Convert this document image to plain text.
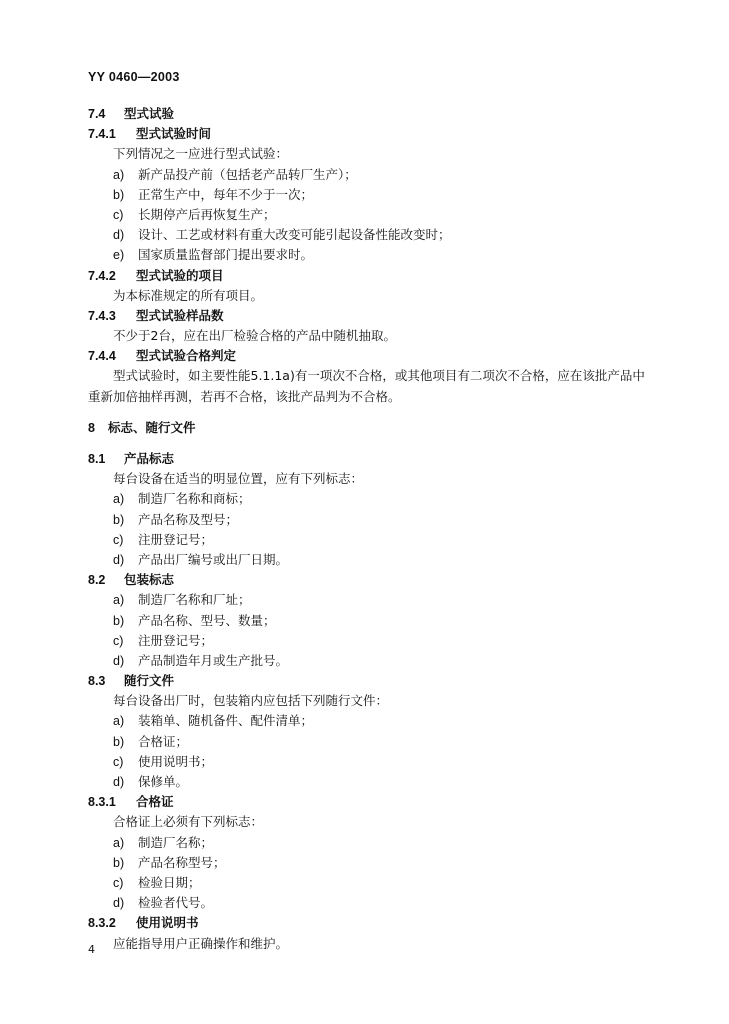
YY 0460—2003
7.4 型式试验
7.4.1 型式试验时间
下列情况之一应进行型式试验：
a) 新产品投产前（包括老产品转厂生产）；
b) 正常生产中，每年不少于一次；
c) 长期停产后再恢复生产；
d) 设计、工艺或材料有重大改变可能引起设备性能改变时；
e) 国家质量监督部门提出要求时。
7.4.2 型式试验的项目
为本标准规定的所有项目。
7.4.3 型式试验样品数
不少于2台，应在出厂检验合格的产品中随机抽取。
7.4.4 型式试验合格判定
型式试验时，如主要性能5.1.1a)有一项次不合格，或其他项目有二项次不合格，应在该批产品中
重新加倍抽样再测，若再不合格，该批产品判为不合格。
8 标志、随行文件
8.1 产品标志
每台设备在适当的明显位置，应有下列标志：
a) 制造厂名称和商标；
b) 产品名称及型号；
c) 注册登记号；
d) 产品出厂编号或出厂日期。
8.2 包装标志
a) 制造厂名称和厂址；
b) 产品名称、型号、数量；
c) 注册登记号；
d) 产品制造年月或生产批号。
8.3 随行文件
每台设备出厂时，包装箱内应包括下列随行文件：
a) 装箱单、随机备件、配件清单；
b) 合格证；
c) 使用说明书；
d) 保修单。
8.3.1 合格证
合格证上必须有下列标志：
a) 制造厂名称；
b) 产品名称型号；
c) 检验日期；
d) 检验者代号。
8.3.2 使用说明书
应能指导用户正确操作和维护。
4
